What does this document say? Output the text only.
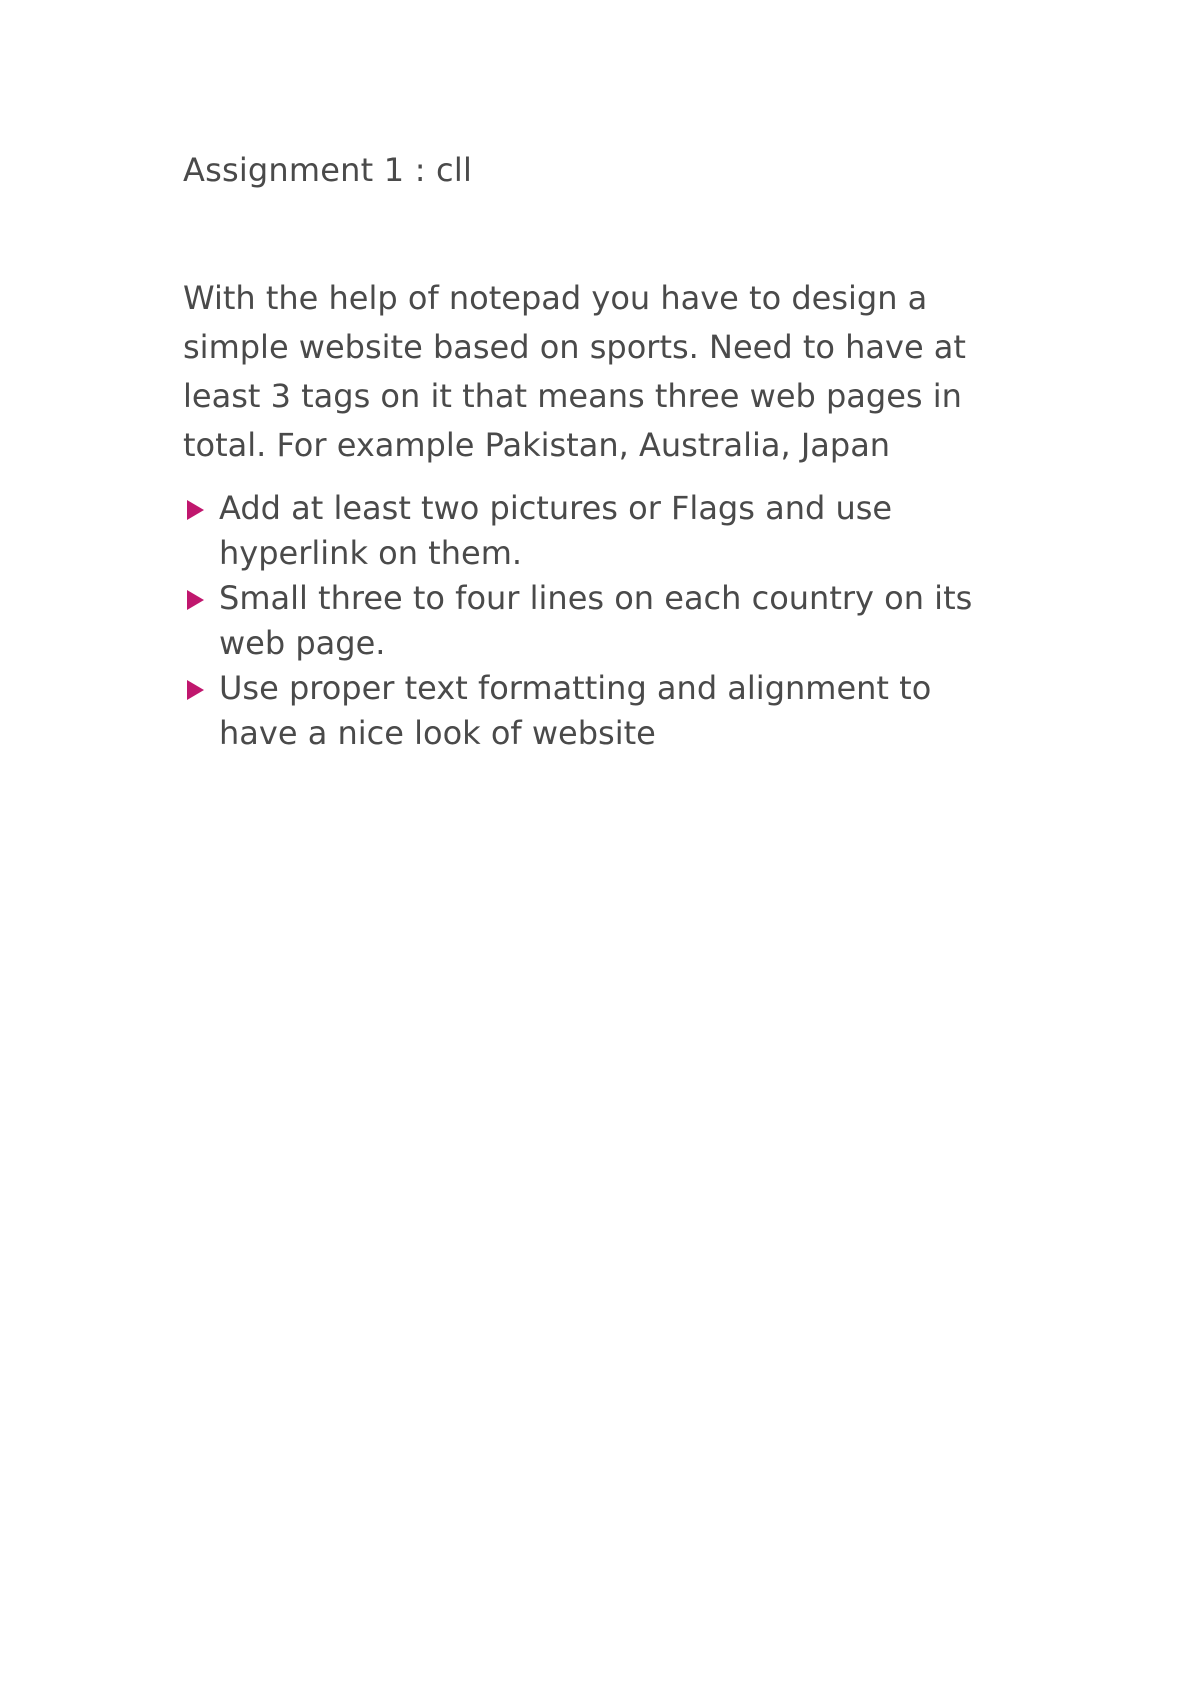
Assignment 1 : cll
With the help of notepad you have to design a
simple website based on sports. Need to have at
least 3 tags on it that means three web pages in
total. For example Pakistan, Australia, Japan
Add at least two pictures or Flags and use
hyperlink on them.
Small three to four lines on each country on its
web page.
Use proper text formatting and alignment to
have a nice look of website
